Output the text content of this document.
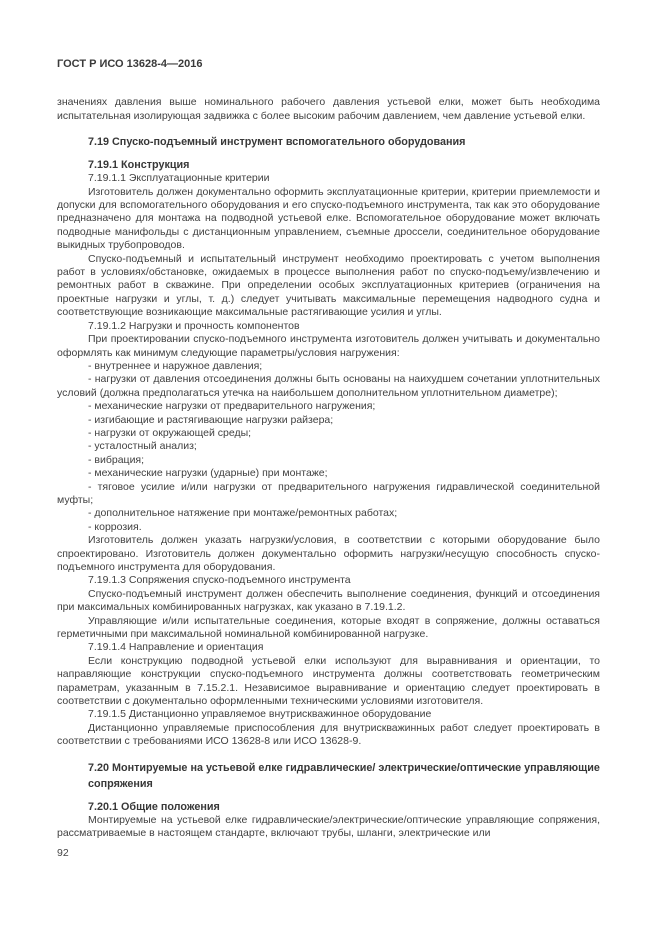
ГОСТ Р ИСО 13628-4—2016
значениях давления выше номинального рабочего давления устьевой елки, может быть необходима испытательная изолирующая задвижка с более высоким рабочим давлением, чем давление устьевой елки.
7.19 Спуско-подъемный инструмент вспомогательного оборудования
7.19.1 Конструкция
7.19.1.1 Эксплуатационные критерии
Изготовитель должен документально оформить эксплуатационные критерии, критерии приемлемости и допуски для вспомогательного оборудования и его спуско-подъемного инструмента, так как это оборудование предназначено для монтажа на подводной устьевой елке. Вспомогательное оборудование может включать подводные манифольды с дистанционным управлением, съемные дроссели, соединительное оборудование выкидных трубопроводов.
Спуско-подъемный и испытательный инструмент необходимо проектировать с учетом выполнения работ в условиях/обстановке, ожидаемых в процессе выполнения работ по спуско-подъему/извлечению и ремонтных работ в скважине. При определении особых эксплуатационных критериев (ограничения на проектные нагрузки и углы, т. д.) следует учитывать максимальные перемещения надводного судна и соответствующие возникающие максимальные растягивающие усилия и углы.
7.19.1.2 Нагрузки и прочность компонентов
При проектировании спуско-подъемного инструмента изготовитель должен учитывать и документально оформлять как минимум следующие параметры/условия нагружения:
- внутреннее и наружное давления;
- нагрузки от давления отсоединения должны быть основаны на наихудшем сочетании уплотнительных условий (должна предполагаться утечка на наибольшем дополнительном уплотнительном диаметре);
- механические нагрузки от предварительного нагружения;
- изгибающие и растягивающие нагрузки райзера;
- нагрузки от окружающей среды;
- усталостный анализ;
- вибрация;
- механические нагрузки (ударные) при монтаже;
- тяговое усилие и/или нагрузки от предварительного нагружения гидравлической соединительной муфты;
- дополнительное натяжение при монтаже/ремонтных работах;
- коррозия.
Изготовитель должен указать нагрузки/условия, в соответствии с которыми оборудование было спроектировано. Изготовитель должен документально оформить нагрузки/несущую способность спуско-подъемного инструмента для оборудования.
7.19.1.3 Сопряжения спуско-подъемного инструмента
Спуско-подъемный инструмент должен обеспечить выполнение соединения, функций и отсоединения при максимальных комбинированных нагрузках, как указано в 7.19.1.2.
Управляющие и/или испытательные соединения, которые входят в сопряжение, должны оставаться герметичными при максимальной номинальной комбинированной нагрузке.
7.19.1.4 Направление и ориентация
Если конструкцию подводной устьевой елки используют для выравнивания и ориентации, то направляющие конструкции спуско-подъемного инструмента должны соответствовать геометрическим параметрам, указанным в 7.15.2.1. Независимое выравнивание и ориентацию следует проектировать в соответствии с документально оформленными техническими условиями изготовителя.
7.19.1.5 Дистанционно управляемое внутрискважинное оборудование
Дистанционно управляемые приспособления для внутрискважинных работ следует проектировать в соответствии с требованиями ИСО 13628-8 или ИСО 13628-9.
7.20 Монтируемые на устьевой елке гидравлические/ электрические/оптические управляющие сопряжения
7.20.1 Общие положения
Монтируемые на устьевой елке гидравлические/электрические/оптические управляющие сопряжения, рассматриваемые в настоящем стандарте, включают трубы, шланги, электрические или
92
